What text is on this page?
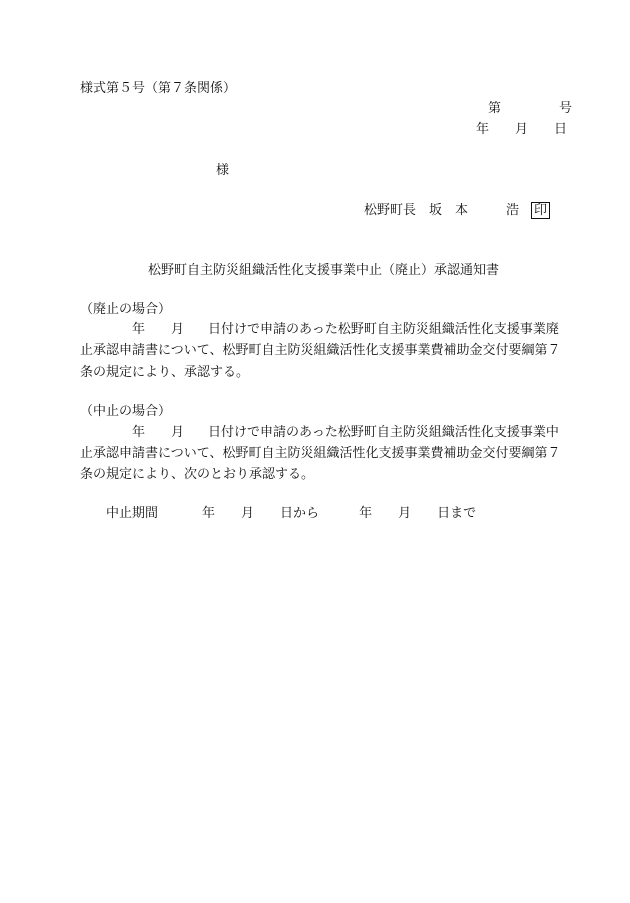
様式第５号（第７条関係）
第	号
年 月 日
様
松野町長 坂　本	浩 印
松野町自主防災組織活性化支援事業中止（廃止）承認通知書
（廃止の場合）
年 月 日付けで申請のあった松野町自主防災組織活性化支援事業廃
止承認申請書について、松野町自主防災組織活性化支援事業費補助金交付要綱第７
条の規定により、承認する。
（中止の場合）
年 月 日付けで申請のあった松野町自主防災組織活性化支援事業中
止承認申請書について、松野町自主防災組織活性化支援事業費補助金交付要綱第７
条の規定により、次のとおり承認する。
中止期間	年 月 日から	年 月 日まで
